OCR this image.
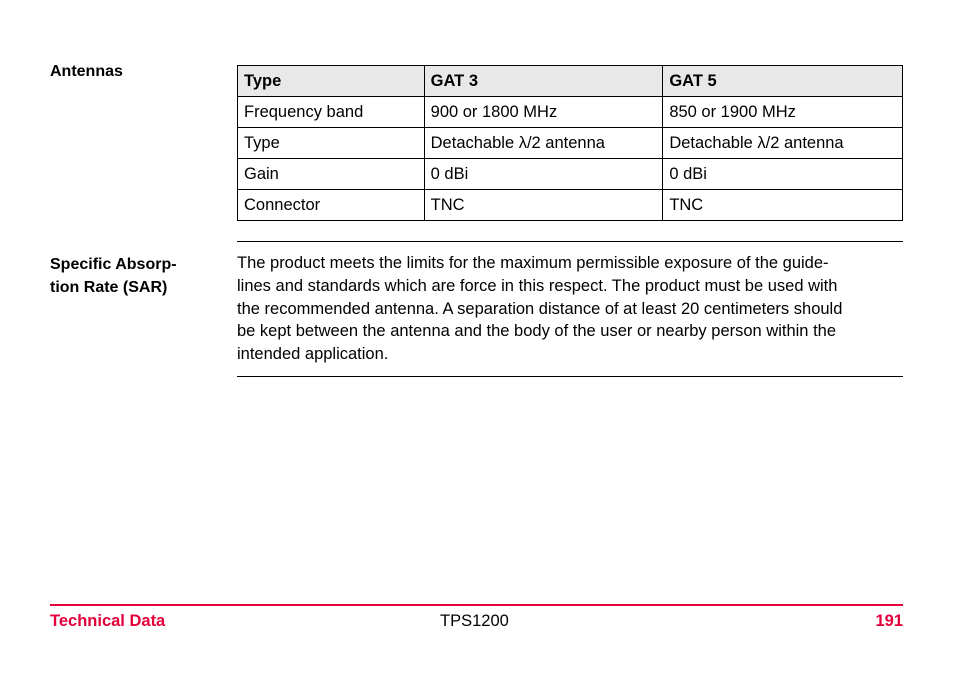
Antennas	Type	GAT 3	GAT 5
Frequency band	900 or 1800 MHz	850 or 1900 MHz
Type	Detachable λ/2 antenna	Detachable λ/2 antenna
Gain	0 dBi	0 dBi
Connector	TNC	TNC
Specific Absorp-
tion Rate (SAR)
The product meets the limits for the maximum permissible exposure of the guide-
lines and standards which are force in this respect. The product must be used with
the recommended antenna. A separation distance of at least 20 centimeters should
be kept between the antenna and the body of the user or nearby person within the
intended application.
Technical Data	TPS1200	191
